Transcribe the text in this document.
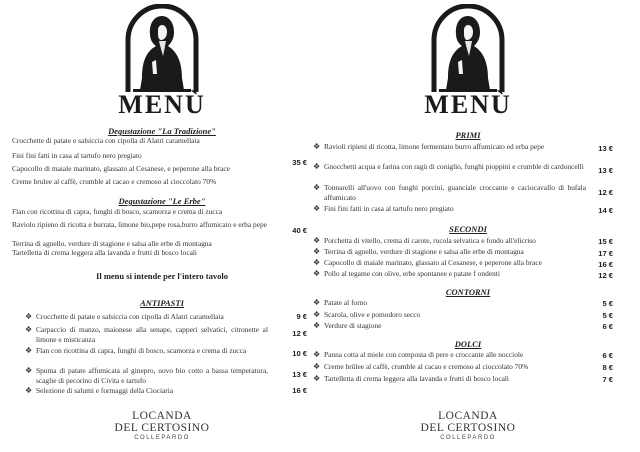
MENÙ
Degustazione "La Tradizione"
Crocchette di patate e salsiccia con cipolla di Alatri caramellata
Fini fini fatti in casa al tartufo nero pregiato
Capocollo di maiale marinato, glassato al Cesanese, e peperone alla brace
Creme brulee al caffè, crumble al cacao e cremoso al cioccolato 70%
35 €
Degustazione "Le Erbe"
Flan con ricottina di capra, funghi di bosco, scamorza e crema di zucca
Raviolo ripieno di ricotta e burrata, limone bio,pepe rosa,burro affumicato e erba pepe
Terrina di agnello, verdure di stagione e salsa alle erbe di montagna
Tartelletta di crema leggera alla lavanda e frutti di bosco locali
40 €
Il menu si intende per l'intero tavolo
ANTIPASTI
❖ Crocchette di patate e salsiccia con cipolla di Alatri caramellata	9 €
❖ Carpaccio di manzo, maionese alla senape, capperi selvatici, citronette al limone e misticanza
12 €
❖ Flan con ricottina di capra, funghi di bosco, scamorza e crema di zucca	10 €
❖ Spuma di patate affumicata al ginepro, uovo bio cotto a bassa temperatura, scaglie di pecorino di Civita e tartufo
13 €
❖ Selezione di salumi e formaggi della Ciociaria	16 €
LOCANDA
DEL CERTOSINO
COLLEPARDO
MENÙ
PRIMI
❖ Ravioli ripieni di ricotta, limone fermentato burro affumicato ed erba pepe	13 €
❖ Gnocchetti acqua e farina con ragù di coniglio, funghi pioppini e crumble di cardoncelli	13 €
❖ Tonnarelli all'uovo con funghi porcini, guanciale croccante e caciocavallo di bufala affumicato	12 €
❖ Fini fini fatti in casa al tartufo nero pregiato	14 €
SECONDI
❖ Porchetta di vitello, crema di carote, rucola selvatica e fondo all'elicriso	15 €
❖ Terrina di agnello, verdure di stagione e salsa alle erbe di montagna	17 €
❖ Capocollo di maiale marinato, glassato al Cesanese, e peperone alla brace	16 €
❖ Pollo al tegame con olive, erbe spontanee e patate f ondenti	12 €
CONTORNI
❖ Patate al forno	5 €
❖ Scarola, olive e pomodoro secco	5 €
❖ Verdure di stagione	6 €
DOLCI
❖ Panna cotta al miele con composta di pere e croccante alle nocciole	6 €
❖ Creme brûlee al caffè, crumble al cacao e cremoso al cioccolato 70%	8 €
❖ Tartelletta di crema leggera alla lavanda e frutti di bosco locali	7 €
LOCANDA
DEL CERTOSINO
COLLEPARDO
